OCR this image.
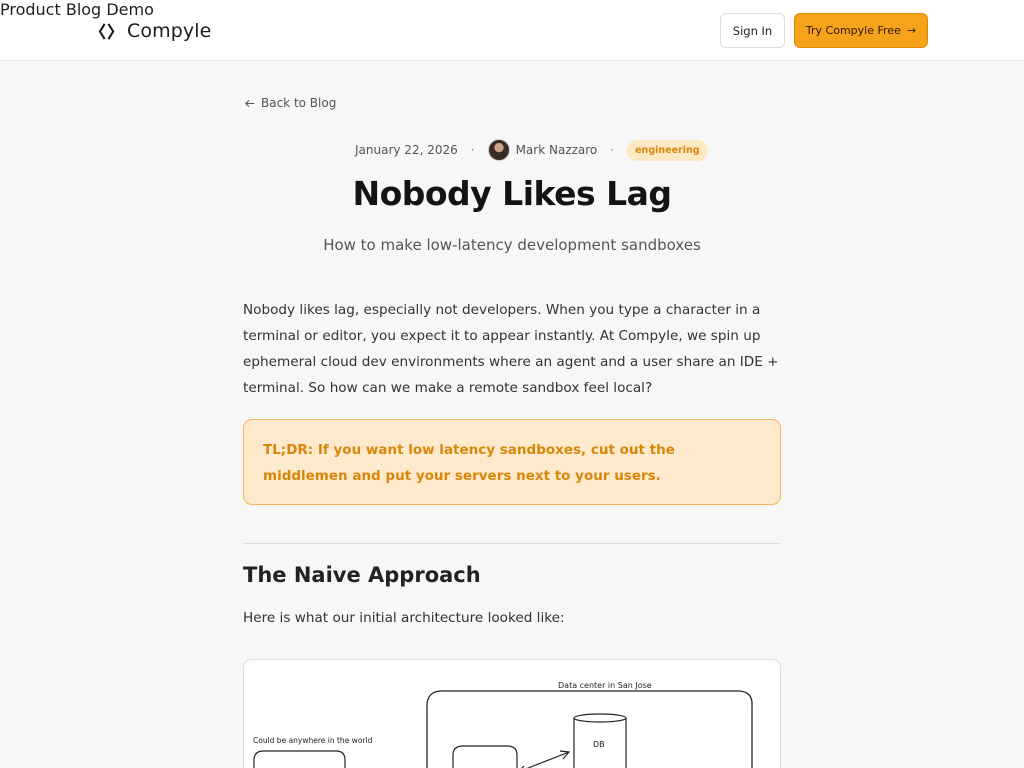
Compyle
Product Blog Demo
Sign In	Try Compyle Free →
Back to Blog
January 22, 2026 ·	Mark Nazzaro ·	engineering
Nobody Likes Lag
How to make low-latency development sandboxes

Nobody likes lag, especially not developers. When you type a character in a terminal or editor, you expect it to appear instantly. At Compyle, we spin up ephemeral cloud dev environments where an agent and a user share an IDE + terminal. So how can we make a remote sandbox feel local?

TL;DR: If you want low latency sandboxes, cut out the middlemen and put your servers next to your users.
The Naive Approach

Here is what our initial architecture looked like:

Data center in San Jose
DB
Could be anywhere in the world
